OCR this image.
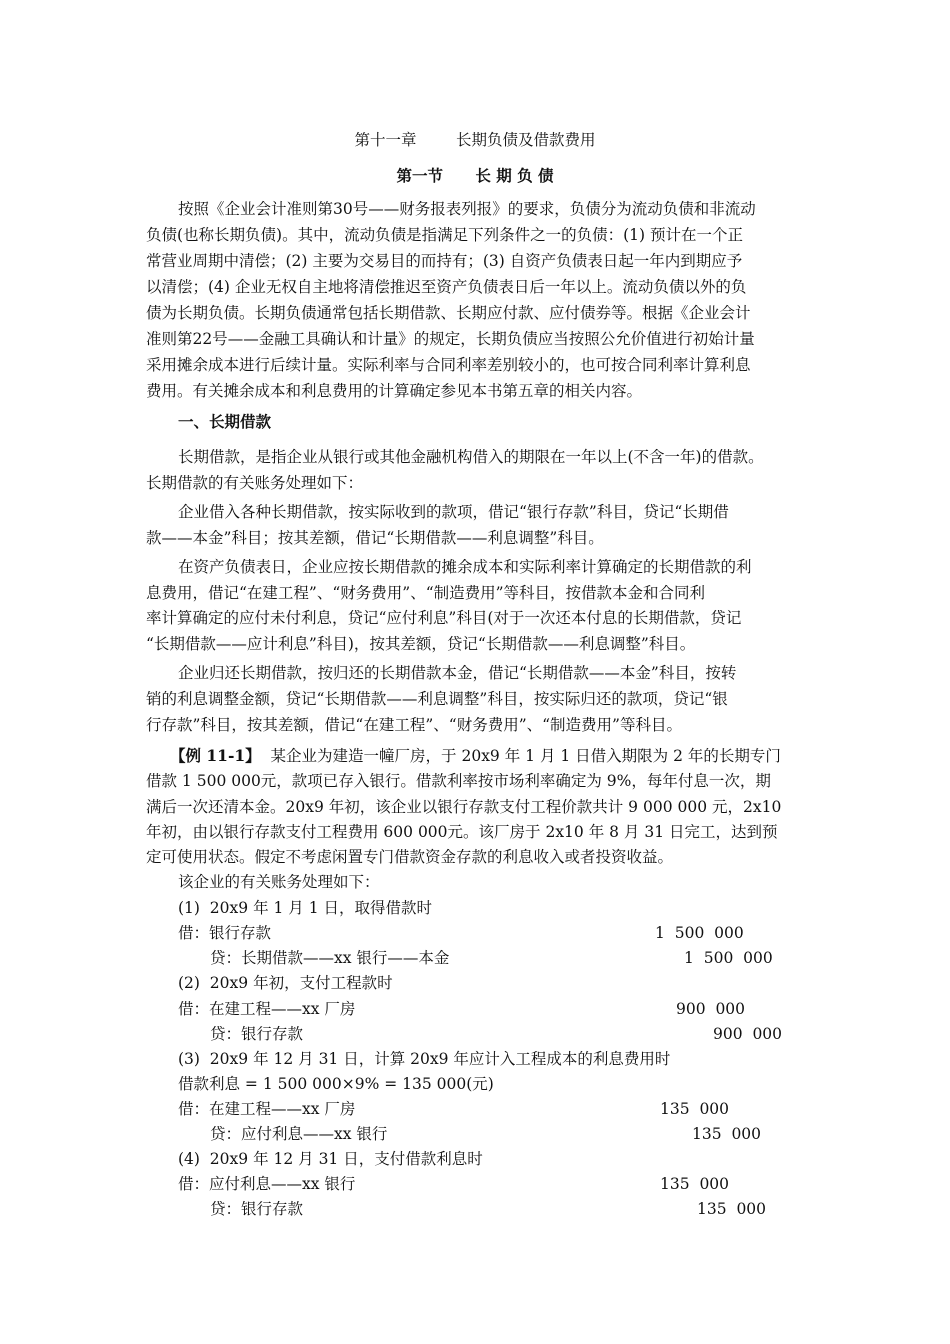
第十一章        长期负债及借款费用
第一节      长 期 负 债
按照《企业会计准则第30号——财务报表列报》的要求，负债分为流动负债和非流动
负债(也称长期负债)。其中，流动负债是指满足下列条件之一的负债：(1) 预计在一个正
常营业周期中清偿；(2) 主要为交易目的而持有；(3) 自资产负债表日起一年内到期应予
以清偿；(4) 企业无权自主地将清偿推迟至资产负债表日后一年以上。流动负债以外的负
债为长期负债。长期负债通常包括长期借款、长期应付款、应付债券等。根据《企业会计
准则第22号——金融工具确认和计量》的规定，长期负债应当按照公允价值进行初始计量
采用摊余成本进行后续计量。实际利率与合同利率差别较小的，也可按合同利率计算利息
费用。有关摊余成本和利息费用的计算确定参见本书第五章的相关内容。
一、长期借款
长期借款，是指企业从银行或其他金融机构借入的期限在一年以上(不含一年)的借款。
长期借款的有关账务处理如下：
企业借入各种长期借款，按实际收到的款项，借记“银行存款”科目，贷记“长期借
款——本金”科目；按其差额，借记“长期借款——利息调整”科目。
在资产负债表日，企业应按长期借款的摊余成本和实际利率计算确定的长期借款的利
息费用，借记“在建工程”、“财务费用”、“制造费用”等科目，按借款本金和合同利
率计算确定的应付未付利息，贷记“应付利息”科目(对于一次还本付息的长期借款，贷记
“长期借款——应计利息”科目)，按其差额，贷记“长期借款——利息调整”科目。
企业归还长期借款，按归还的长期借款本金，借记“长期借款——本金”科目，按转
销的利息调整金额，贷记“长期借款——利息调整”科目，按实际归还的款项，贷记“银
行存款”科目，按其差额，借记“在建工程”、“财务费用”、“制造费用”等科目。
【例 11-1】  某企业为建造一幢厂房，于 20x9 年 1 月 1 日借入期限为 2 年的长期专门
借款 1 500 000元，款项已存入银行。借款利率按市场利率确定为 9%，每年付息一次，期
满后一次还清本金。20x9 年初，该企业以银行存款支付工程价款共计 9 000 000 元，2x10
年初，由以银行存款支付工程费用 600 000元。该厂房于 2x10 年 8 月 31 日完工，达到预
定可使用状态。假定不考虑闲置专门借款资金存款的利息收入或者投资收益。
该企业的有关账务处理如下：
(1)  20x9 年 1 月 1 日，取得借款时
借：银行存款	1  500  000
贷：长期借款——xx 银行——本金	1  500  000
(2)  20x9 年初，支付工程款时
借：在建工程——xx 厂房	900  000
贷：银行存款	900  000
(3)  20x9 年 12 月 31 日，计算 20x9 年应计入工程成本的利息费用时
借款利息 = 1 500 000×9% = 135 000(元)
借：在建工程——xx 厂房	135  000
贷：应付利息——xx 银行	135  000
(4)  20x9 年 12 月 31 日，支付借款利息时
借：应付利息——xx 银行	135  000
贷：银行存款	135  000
